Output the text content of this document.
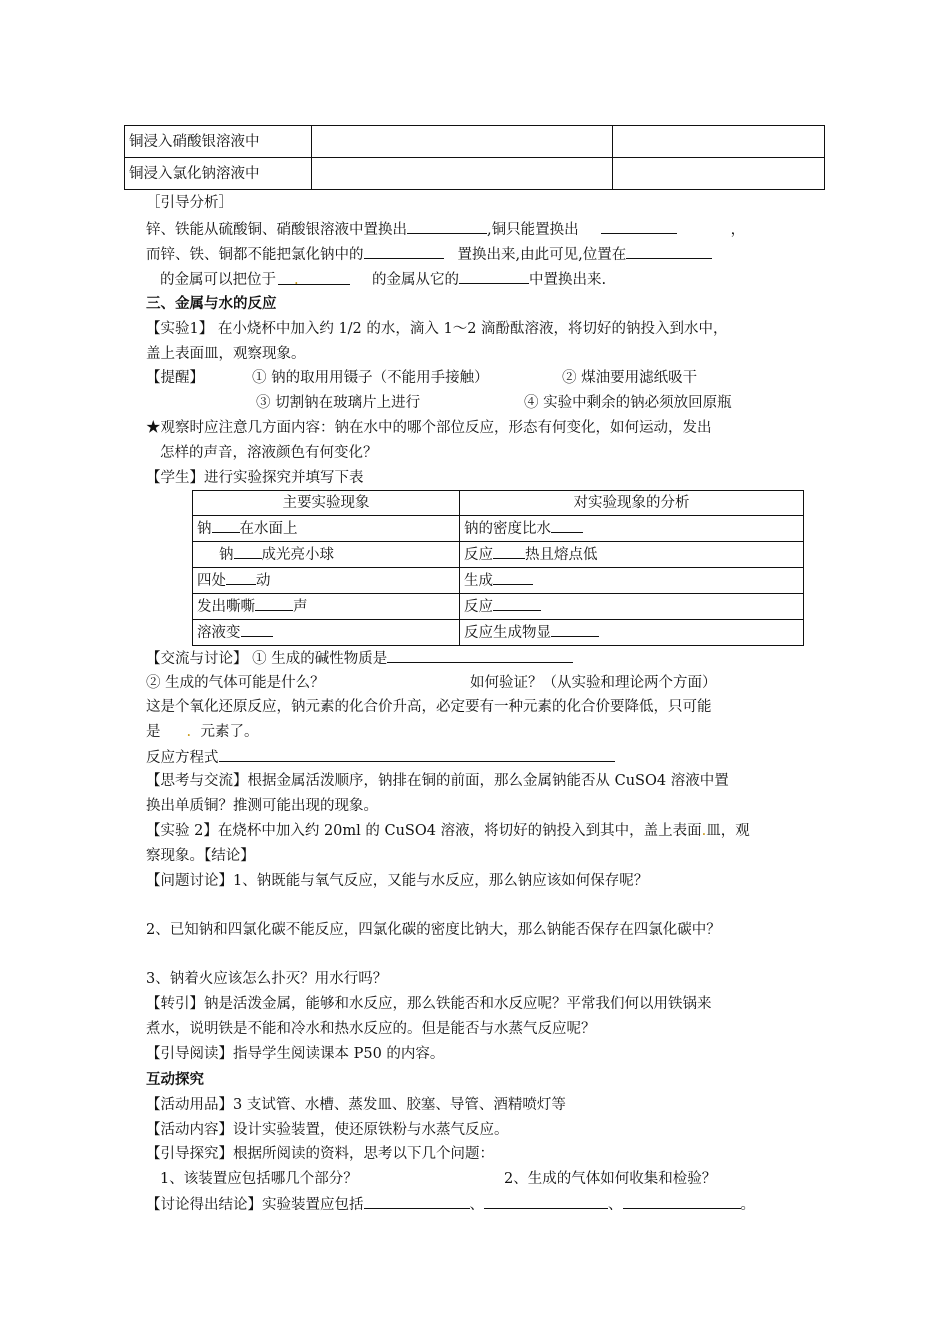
铜浸入硝酸银溶液中		
铜浸入氯化钠溶液中		
［引导分析］
锌、铁能从硫酸铜、硝酸银溶液中置换出	,铜只能置换出	，
而锌、铁、铜都不能把氯化钠中的	置换出来,由此可见,位置在
的金属可以把位于 .	的金属从它的	中置换出来.
三、金属与水的反应
【实验1】 在小烧杯中加入约 1/2 的水，滴入 1～2 滴酚酞溶液，将切好的钠投入到水中，
盖上表面皿，观察现象。
【提醒】	① 钠的取用用镊子（不能用手接触）	② 煤油要用滤纸吸干
③ 切割钠在玻璃片上进行	④ 实验中剩余的钠必须放回原瓶
★观察时应注意几方面内容：钠在水中的哪个部位反应，形态有何变化，如何运动，发出
怎样的声音，溶液颜色有何变化？
【学生】进行实验探究并填写下表
主要实验现象	对实验现象的分析
钠 在水面上	钠的密度比水
钠 成光亮小球	反应 热且熔点低
四处 动	生成
发出嘶嘶 声	反应
溶液变	反应生成物显
【交流与讨论】 ① 生成的碱性物质是
② 生成的气体可能是什么？	如何验证？（从实验和理论两个方面）
这是个氧化还原反应，钠元素的化合价升高，必定要有一种元素的化合价要降低，只可能
是 . 元素了。
反应方程式
【思考与交流】根据金属活泼顺序，钠排在铜的前面，那么金属钠能否从 CuSO4 溶液中置
换出单质铜？推测可能出现的现象。
【实验 2】在烧杯中加入约 20ml 的 CuSO4 溶液，将切好的钠投入到其中，盖上表面.皿，观
察现象。【结论】
【问题讨论】1、钠既能与氧气反应，又能与水反应，那么钠应该如何保存呢？
2、已知钠和四氯化碳不能反应，四氯化碳的密度比钠大，那么钠能否保存在四氯化碳中？
3、钠着火应该怎么扑灭？用水行吗？
【转引】钠是活泼金属，能够和水反应，那么铁能否和水反应呢？平常我们何以用铁锅来
煮水，说明铁是不能和冷水和热水反应的。但是能否与水蒸气反应呢？
【引导阅读】指导学生阅读课本 P50 的内容。
互动探究
【活动用品】3 支试管、水槽、蒸发皿、胶塞、导管、酒精喷灯等
【活动内容】设计实验装置，使还原铁粉与水蒸气反应。
【引导探究】根据所阅读的资料，思考以下几个问题：
1、该装置应包括哪几个部分？	2、生成的气体如何收集和检验？
【讨论得出结论】实验装置应包括	、	、	。
